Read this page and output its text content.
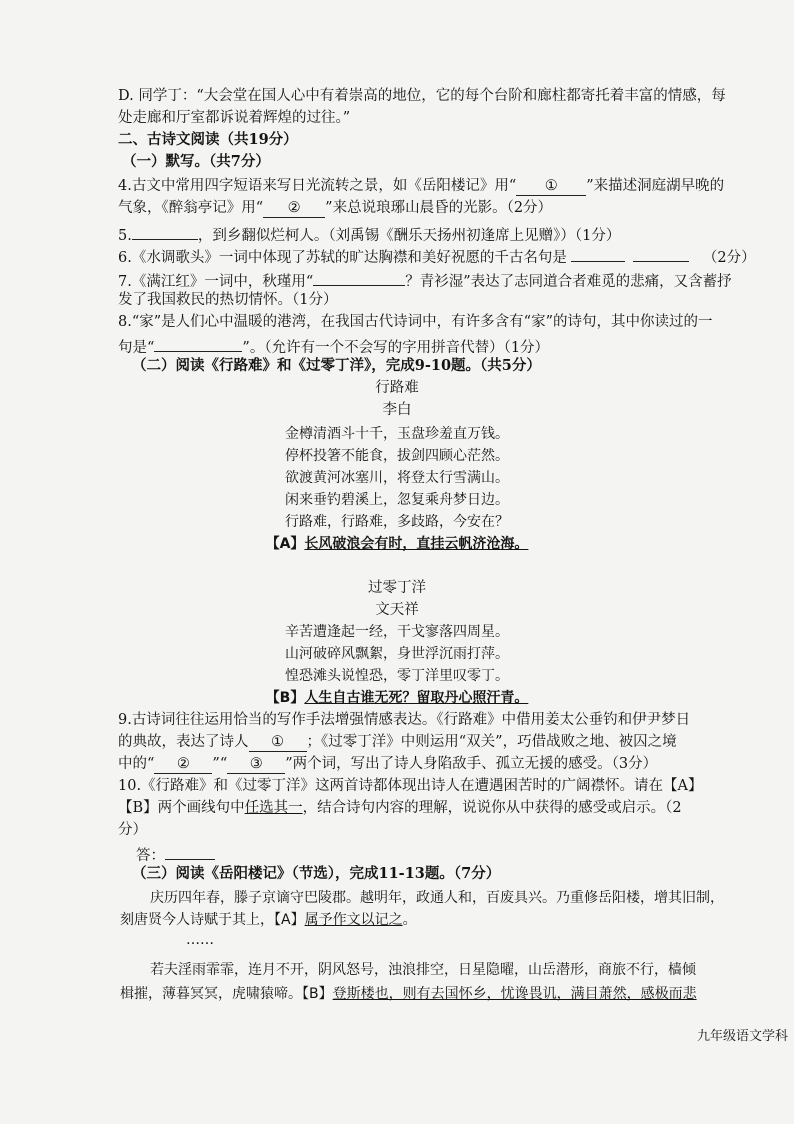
D. 同学丁：“大会堂在国人心中有着崇高的地位，它的每个台阶和廊柱都寄托着丰富的情感，每
处走廊和厅室都诉说着辉煌的过往。”
二、古诗文阅读（共19分）
（一）默写。（共7分）
4.古文中常用四字短语来写日光流转之景，如《岳阳楼记》用“ ① ”来描述洞庭湖早晚的
气象，《醉翁亭记》用“ ② ”来总说琅琊山晨昏的光影。（2分）
5.	，到乡翻似烂柯人。（刘禹锡《酬乐天扬州初逢席上见赠》）（1分）
6.《水调歌头》一词中体现了苏轼的旷达胸襟和美好祝愿的千古名句是	（2分）
7.《满江红》一词中，秋瑾用“	？青衫湿”表达了志同道合者难觅的悲痛，又含蓄抒
发了我国救民的热切情怀。（1分）
8.“家”是人们心中温暖的港湾，在我国古代诗词中，有许多含有“家”的诗句，其中你读过的一
句是“	”。（允许有一个不会写的字用拼音代替）（1分）
（二）阅读《行路难》和《过零丁洋》，完成9-10题。（共5分）
行路难
李白
金樽清酒斗十千，玉盘珍羞直万钱。
停杯投箸不能食，拔剑四顾心茫然。
欲渡黄河冰塞川，将登太行雪满山。
闲来垂钓碧溪上，忽复乘舟梦日边。
行路难，行路难，多歧路，今安在？
【A】长风破浪会有时，直挂云帆济沧海。
过零丁洋
文天祥
辛苦遭逢起一经，干戈寥落四周星。
山河破碎风飘絮，身世浮沉雨打萍。
惶恐滩头说惶恐，零丁洋里叹零丁。
【B】人生自古谁无死？留取丹心照汗青。
9.古诗词往往运用恰当的写作手法增强情感表达。《行路难》中借用姜太公垂钓和伊尹梦日
的典故，表达了诗人 ① ；《过零丁洋》中则运用“双关”，巧借战败之地、被囚之境
中的“ ② ”“ ③ ”两个词，写出了诗人身陷敌手、孤立无援的感受。（3分）
10.《行路难》和《过零丁洋》这两首诗都体现出诗人在遭遇困苦时的广阔襟怀。请在【A】
【B】两个画线句中任选其一，结合诗句内容的理解，说说你从中获得的感受或启示。（2
分）
答：
（三）阅读《岳阳楼记》（节选），完成11-13题。（7分）
庆历四年春，滕子京谪守巴陵郡。越明年，政通人和，百废具兴。乃重修岳阳楼，增其旧制，
刻唐贤今人诗赋于其上，【A】属予作文以记之。
……
若夫淫雨霏霏，连月不开，阴风怒号，浊浪排空，日星隐曜，山岳潜形，商旅不行，樯倾
楫摧，薄暮冥冥，虎啸猿啼。【B】登斯楼也，则有去国怀乡，忧谗畏讥，满目萧然，感极而悲
九年级语文学科
